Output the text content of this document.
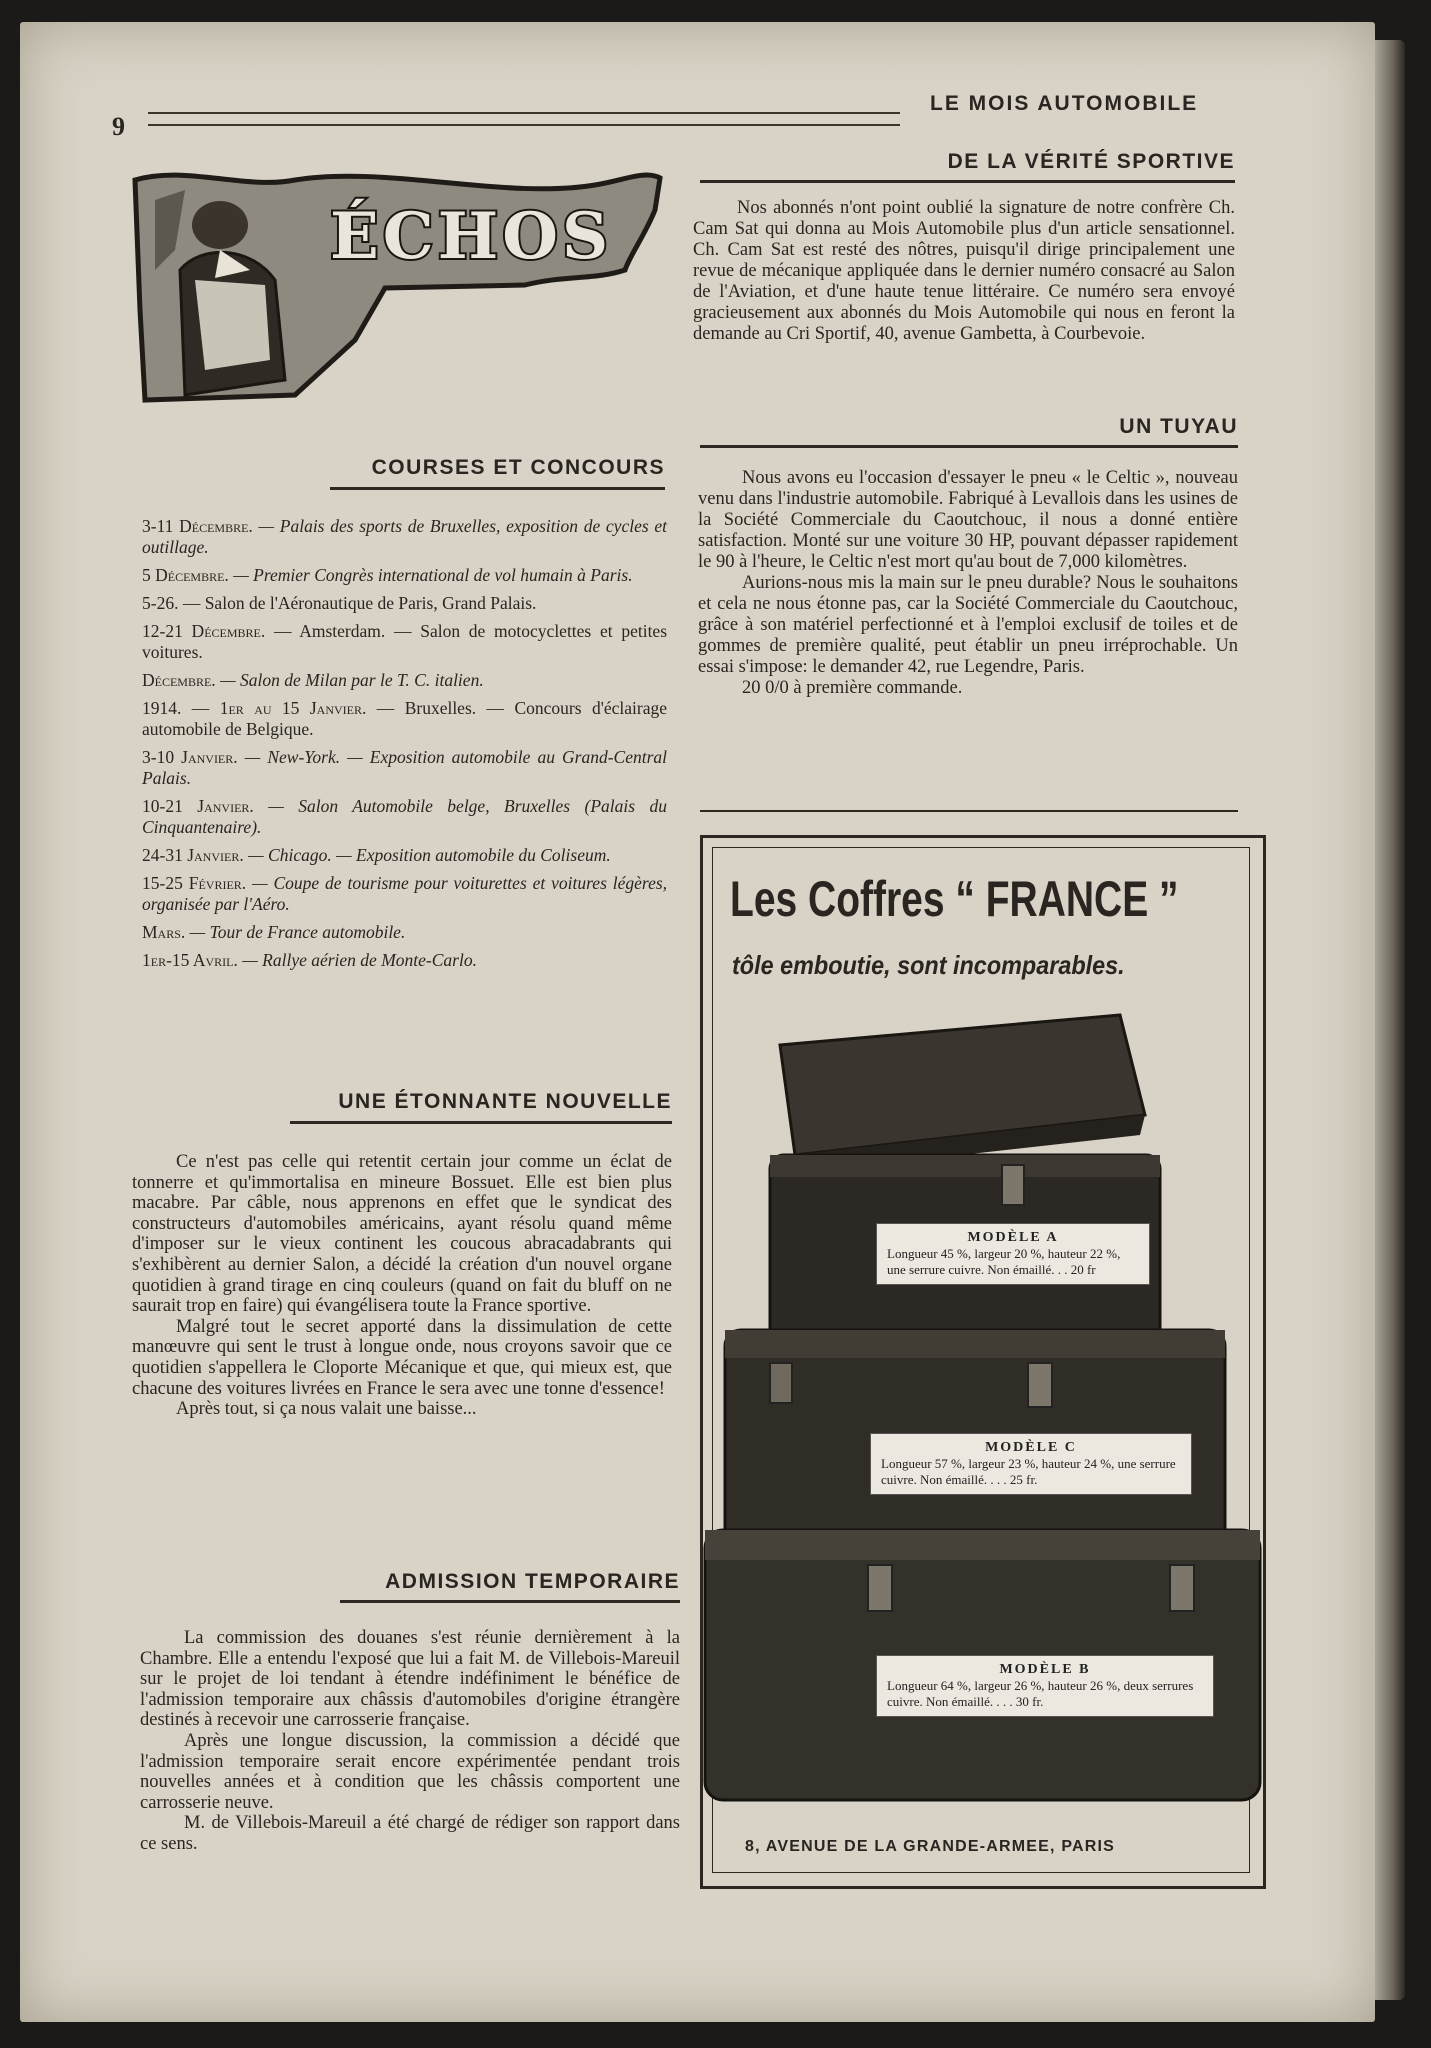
9
LE MOIS AUTOMOBILE
ÉCHOS
DE LA VÉRITÉ SPORTIVE

Nos abonnés n'ont point oublié la signature de notre confrère Ch. Cam Sat qui donna au Mois Automobile plus d'un article sensationnel. Ch. Cam Sat est resté des nôtres, puisqu'il dirige principalement une revue de mécanique appliquée dans le dernier numéro consacré au Salon de l'Aviation, et d'une haute tenue littéraire. Ce numéro sera envoyé gracieusement aux abonnés du Mois Automobile qui nous en feront la demande au Cri Sportif, 40, avenue Gambetta, à Courbevoie.

UN TUYAU

Nous avons eu l'occasion d'essayer le pneu « le Celtic », nouveau venu dans l'industrie automobile. Fabriqué à Levallois dans les usines de la Société Commerciale du Caoutchouc, il nous a donné entière satisfaction. Monté sur une voiture 30 HP, pouvant dépasser rapidement le 90 à l'heure, le Celtic n'est mort qu'au bout de 7,000 kilomètres.

Aurions-nous mis la main sur le pneu durable? Nous le souhaitons et cela ne nous étonne pas, car la Société Commerciale du Caoutchouc, grâce à son matériel perfectionné et à l'emploi exclusif de toiles et de gommes de première qualité, peut établir un pneu irréprochable. Un essai s'impose: le demander 42, rue Legendre, Paris.

20 0/0 à première commande.

COURSES ET CONCOURS
3-11 Décembre. — Palais des sports de Bruxelles, exposition de cycles et outillage.
5 Décembre. — Premier Congrès international de vol humain à Paris.
5-26. — Salon de l'Aéronautique de Paris, Grand Palais.
12-21 Décembre. — Amsterdam. — Salon de motocyclettes et petites voitures.
Décembre. — Salon de Milan par le T. C. italien.
1914. — 1er au 15 Janvier. — Bruxelles. — Concours d'éclairage automobile de Belgique.
3-10 Janvier. — New-York. — Exposition automobile au Grand-Central Palais.
10-21 Janvier. — Salon Automobile belge, Bruxelles (Palais du Cinquantenaire).
24-31 Janvier. — Chicago. — Exposition automobile du Coliseum.
15-25 Février. — Coupe de tourisme pour voiturettes et voitures légères, organisée par l'Aéro.
Mars. — Tour de France automobile.
1er-15 Avril. — Rallye aérien de Monte-Carlo.
UNE ÉTONNANTE NOUVELLE

Ce n'est pas celle qui retentit certain jour comme un éclat de tonnerre et qu'immortalisa en mineure Bossuet. Elle est bien plus macabre. Par câble, nous apprenons en effet que le syndicat des constructeurs d'automobiles américains, ayant résolu quand même d'imposer sur le vieux continent les coucous abracadabrants qui s'exhibèrent au dernier Salon, a décidé la création d'un nouvel organe quotidien à grand tirage en cinq couleurs (quand on fait du bluff on ne saurait trop en faire) qui évangélisera toute la France sportive.

Malgré tout le secret apporté dans la dissimulation de cette manœuvre qui sent le trust à longue onde, nous croyons savoir que ce quotidien s'appellera le Cloporte Mécanique et que, qui mieux est, que chacune des voitures livrées en France le sera avec une tonne d'essence!

Après tout, si ça nous valait une baisse...

ADMISSION TEMPORAIRE

La commission des douanes s'est réunie dernièrement à la Chambre. Elle a entendu l'exposé que lui a fait M. de Villebois-Mareuil sur le projet de loi tendant à étendre indéfiniment le bénéfice de l'admission temporaire aux châssis d'automobiles d'origine étrangère destinés à recevoir une carrosserie française.

Après une longue discussion, la commission a décidé que l'admission temporaire serait encore expérimentée pendant trois nouvelles années et à condition que les châssis comportent une carrosserie neuve.

M. de Villebois-Mareuil a été chargé de rédiger son rapport dans ce sens.

Les Coffres “ FRANCE ”
tôle emboutie, sont incomparables.
MODÈLE A
Longueur 45 %, largeur 20 %, hauteur 22 %, une serrure cuivre. Non émaillé. . . 20 fr
MODÈLE C
Longueur 57 %, largeur 23 %, hauteur 24 %, une serrure cuivre. Non émaillé. . . . 25 fr.
MODÈLE B
Longueur 64 %, largeur 26 %, hauteur 26 %, deux serrures cuivre. Non émaillé. . . . 30 fr.
8, AVENUE DE LA GRANDE-ARMEE, PARIS
